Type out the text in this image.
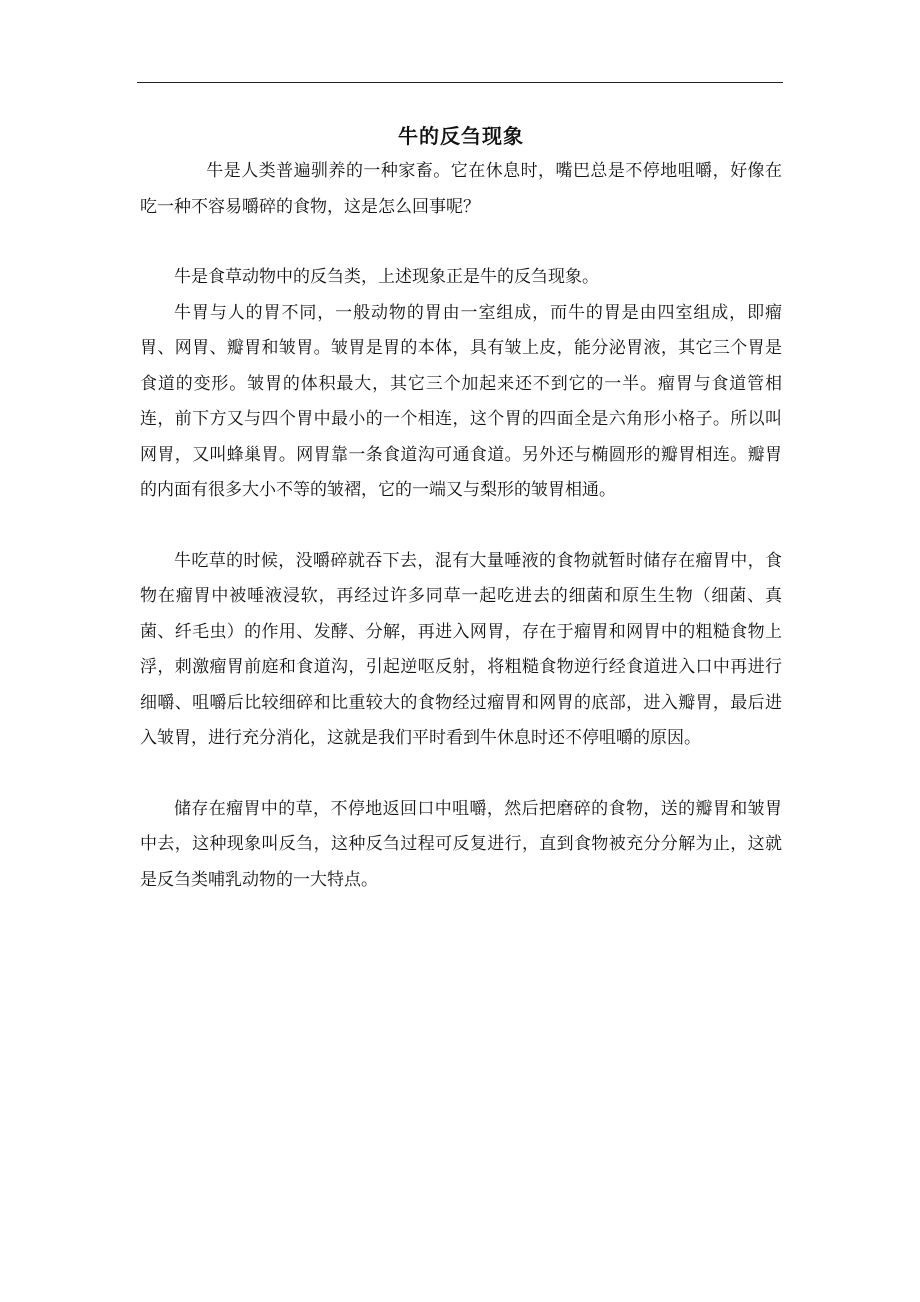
牛的反刍现象

牛是人类普遍驯养的一种家畜。它在休息时，嘴巴总是不停地咀嚼，好像在吃一种不容易嚼碎的食物，这是怎么回事呢？

牛是食草动物中的反刍类，上述现象正是牛的反刍现象。

牛胃与人的胃不同，一般动物的胃由一室组成，而牛的胃是由四室组成，即瘤胃、网胃、瓣胃和皱胃。皱胃是胃的本体，具有皱上皮，能分泌胃液，其它三个胃是食道的变形。皱胃的体积最大，其它三个加起来还不到它的一半。瘤胃与食道管相连，前下方又与四个胃中最小的一个相连，这个胃的四面全是六角形小格子。所以叫网胃，又叫蜂巢胃。网胃靠一条食道沟可通食道。另外还与椭圆形的瓣胃相连。瓣胃的内面有很多大小不等的皱褶，它的一端又与梨形的皱胃相通。

牛吃草的时候，没嚼碎就吞下去，混有大量唾液的食物就暂时储存在瘤胃中，食物在瘤胃中被唾液浸软，再经过许多同草一起吃进去的细菌和原生生物（细菌、真菌、纤毛虫）的作用、发酵、分解，再进入网胃，存在于瘤胃和网胃中的粗糙食物上浮，刺激瘤胃前庭和食道沟，引起逆呕反射，将粗糙食物逆行经食道进入口中再进行细嚼、咀嚼后比较细碎和比重较大的食物经过瘤胃和网胃的底部，进入瓣胃，最后进入皱胃，进行充分消化，这就是我们平时看到牛休息时还不停咀嚼的原因。

储存在瘤胃中的草，不停地返回口中咀嚼，然后把磨碎的食物，送的瓣胃和皱胃中去，这种现象叫反刍，这种反刍过程可反复进行，直到食物被充分分解为止，这就是反刍类哺乳动物的一大特点。
